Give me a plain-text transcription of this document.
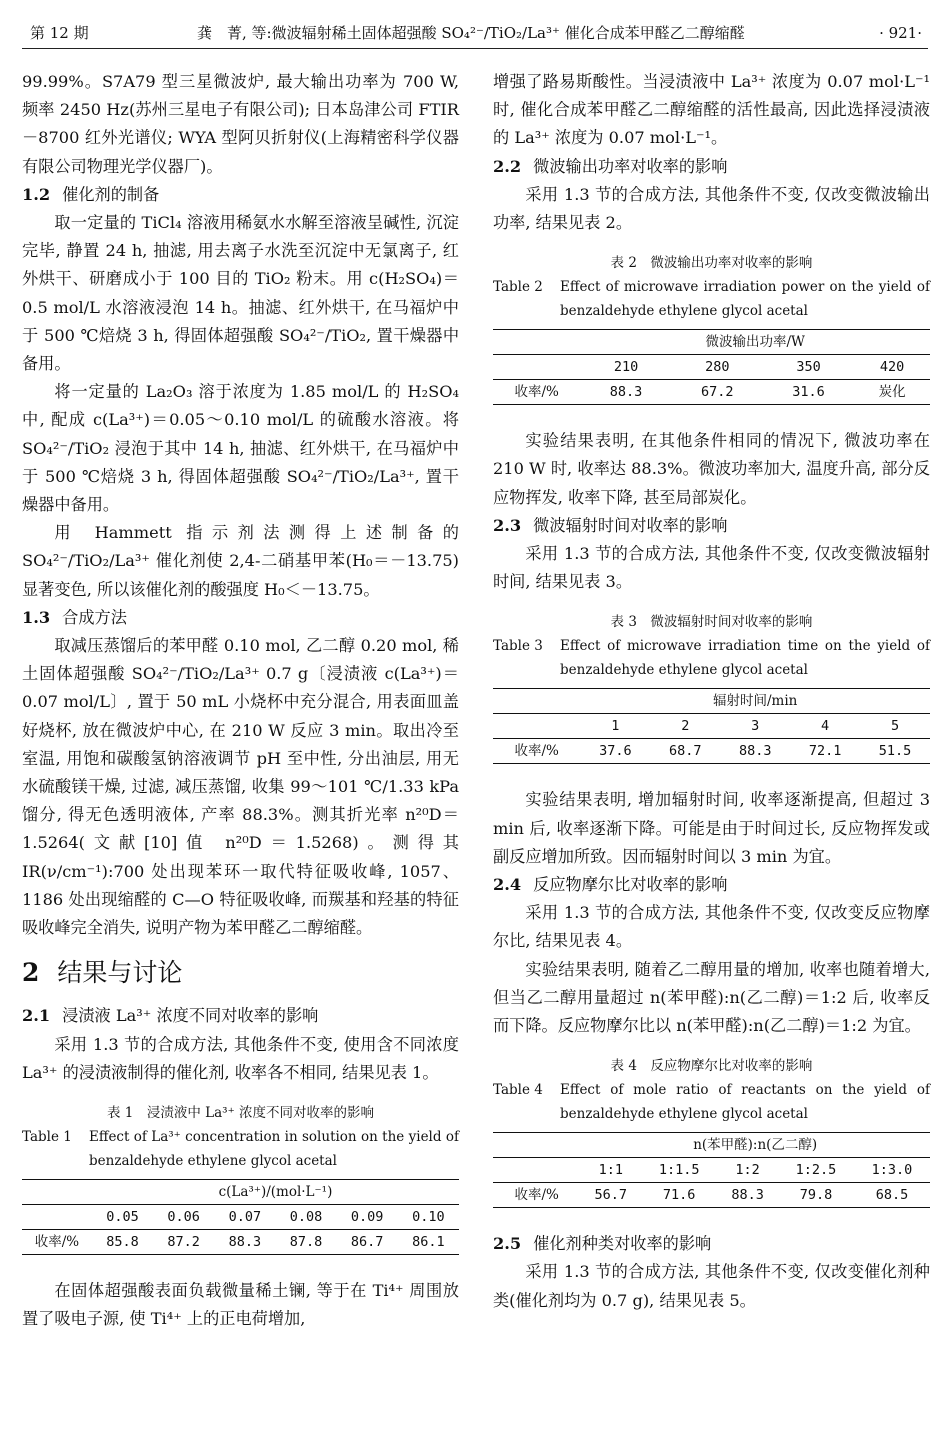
第 12 期	龚　菁, 等:微波辐射稀土固体超强酸 SO₄²⁻/TiO₂/La³⁺ 催化合成苯甲醛乙二醇缩醛	· 921·

99.99%。S7A79 型三星微波炉, 最大输出功率为 700 W, 频率 2450 Hz(苏州三星电子有限公司); 日本岛津公司 FTIR－8700 红外光谱仪; WYA 型阿贝折射仪(上海精密科学仪器有限公司物理光学仪器厂)。

1.2 催化剂的制备

取一定量的 TiCl₄ 溶液用稀氨水水解至溶液呈碱性, 沉淀完毕, 静置 24 h, 抽滤, 用去离子水洗至沉淀中无氯离子, 红外烘干、研磨成小于 100 目的 TiO₂ 粉末。用 c(H₂SO₄)＝0.5 mol/L 水溶液浸泡 14 h。抽滤、红外烘干, 在马福炉中于 500 ℃焙烧 3 h, 得固体超强酸 SO₄²⁻/TiO₂, 置干燥器中备用。

将一定量的 La₂O₃ 溶于浓度为 1.85 mol/L 的 H₂SO₄ 中, 配成 c(La³⁺)＝0.05～0.10 mol/L 的硫酸水溶液。将 SO₄²⁻/TiO₂ 浸泡于其中 14 h, 抽滤、红外烘干, 在马福炉中于 500 ℃焙烧 3 h, 得固体超强酸 SO₄²⁻/TiO₂/La³⁺, 置干燥器中备用。

用 Hammett 指示剂法测得上述制备的 SO₄²⁻/TiO₂/La³⁺ 催化剂使 2,4-二硝基甲苯(H₀＝－13.75)显著变色, 所以该催化剂的酸强度 H₀＜－13.75。

1.3 合成方法

取减压蒸馏后的苯甲醛 0.10 mol, 乙二醇 0.20 mol, 稀土固体超强酸 SO₄²⁻/TiO₂/La³⁺ 0.7 g〔浸渍液 c(La³⁺)＝0.07 mol/L〕, 置于 50 mL 小烧杯中充分混合, 用表面皿盖好烧杯, 放在微波炉中心, 在 210 W 反应 3 min。取出冷至室温, 用饱和碳酸氢钠溶液调节 pH 至中性, 分出油层, 用无水硫酸镁干燥, 过滤, 减压蒸馏, 收集 99～101 ℃/1.33 kPa 馏分, 得无色透明液体, 产率 88.3%。测其折光率 n²⁰D＝1.5264(文献[10]值 n²⁰D＝1.5268)。测得其 IR(ν/cm⁻¹):700 处出现苯环一取代特征吸收峰, 1057、1186 处出现缩醛的 C—O 特征吸收峰, 而羰基和羟基的特征吸收峰完全消失, 说明产物为苯甲醛乙二醇缩醛。

2 结果与讨论
2.1 浸渍液 La³⁺ 浓度不同对收率的影响

采用 1.3 节的合成方法, 其他条件不变, 使用含不同浓度 La³⁺ 的浸渍液制得的催化剂, 收率各不相同, 结果见表 1。

表 1　浸渍液中 La³⁺ 浓度不同对收率的影响
Table 1	Effect of La³⁺ concentration in solution on the yield of benzaldehyde ethylene glycol acetal
	c(La³⁺)/(mol·L⁻¹)					
	0.05	0.06	0.07	0.08	0.09	0.10
收率/%	85.8	87.2	88.3	87.8	86.7	86.1

在固体超强酸表面负载微量稀土镧, 等于在 Ti⁴⁺ 周围放置了吸电子源, 使 Ti⁴⁺ 上的正电荷增加,

增强了路易斯酸性。当浸渍液中 La³⁺ 浓度为 0.07 mol·L⁻¹ 时, 催化合成苯甲醛乙二醇缩醛的活性最高, 因此选择浸渍液的 La³⁺ 浓度为 0.07 mol·L⁻¹。

2.2 微波输出功率对收率的影响

采用 1.3 节的合成方法, 其他条件不变, 仅改变微波输出功率, 结果见表 2。

表 2　微波输出功率对收率的影响
Table 2	Effect of microwave irradiation power on the yield of benzaldehyde ethylene glycol acetal
	微波输出功率/W			
	210	280	350	420
收率/%	88.3	67.2	31.6	炭化

实验结果表明, 在其他条件相同的情况下, 微波功率在 210 W 时, 收率达 88.3%。微波功率加大, 温度升高, 部分反应物挥发, 收率下降, 甚至局部炭化。

2.3 微波辐射时间对收率的影响

采用 1.3 节的合成方法, 其他条件不变, 仅改变微波辐射时间, 结果见表 3。

表 3　微波辐射时间对收率的影响
Table 3	Effect of microwave irradiation time on the yield of benzaldehyde ethylene glycol acetal
	辐射时间/min				
	1	2	3	4	5
收率/%	37.6	68.7	88.3	72.1	51.5

实验结果表明, 增加辐射时间, 收率逐渐提高, 但超过 3 min 后, 收率逐渐下降。可能是由于时间过长, 反应物挥发或副反应增加所致。因而辐射时间以 3 min 为宜。

2.4 反应物摩尔比对收率的影响

采用 1.3 节的合成方法, 其他条件不变, 仅改变反应物摩尔比, 结果见表 4。

实验结果表明, 随着乙二醇用量的增加, 收率也随着增大, 但当乙二醇用量超过 n(苯甲醛):n(乙二醇)＝1:2 后, 收率反而下降。反应物摩尔比以 n(苯甲醛):n(乙二醇)＝1:2 为宜。

表 4　反应物摩尔比对收率的影响
Table 4	Effect of mole ratio of reactants on the yield of benzaldehyde ethylene glycol acetal
	n(苯甲醛):n(乙二醇)				
	1:1	1:1.5	1:2	1:2.5	1:3.0
收率/%	56.7	71.6	88.3	79.8	68.5
2.5 催化剂种类对收率的影响

采用 1.3 节的合成方法, 其他条件不变, 仅改变催化剂种类(催化剂均为 0.7 g), 结果见表 5。
